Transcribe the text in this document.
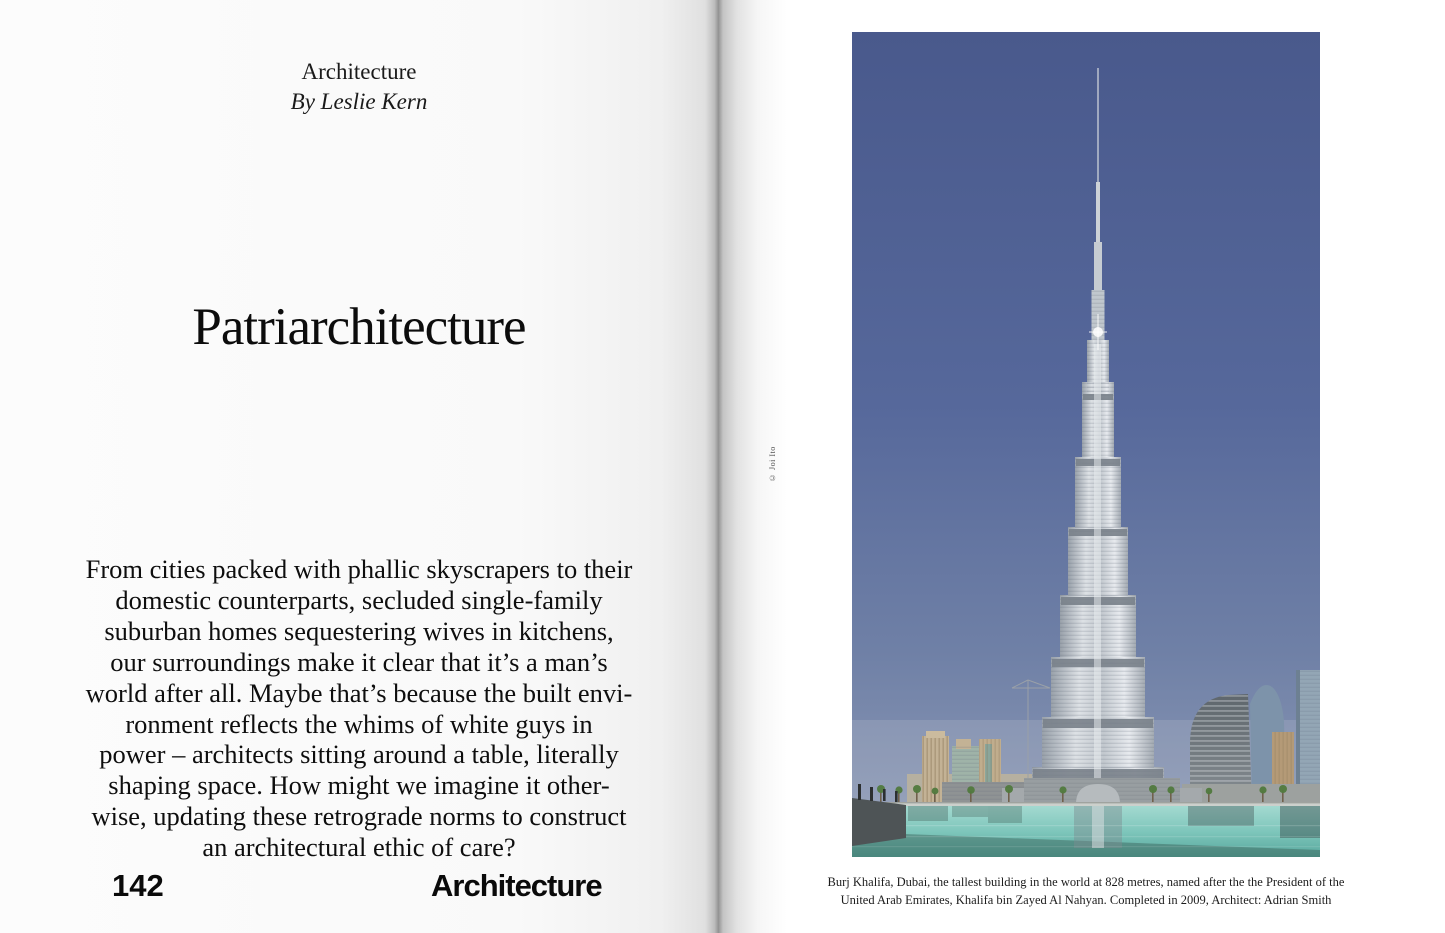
Architecture
By Leslie Kern
Patriarchitecture
From cities packed with phallic skyscrapers to their
domestic counterparts, secluded single-family
suburban homes sequestering wives in kitchens,
our surroundings make it clear that it’s a man’s
world after all. Maybe that’s because the built envi-
ronment reflects the whims of white guys in
power – architects sitting around a table, literally
shaping space. How might we imagine it other-
wise, updating these retrograde norms to construct
an architectural ethic of care?
142	Architecture
© Joi Ito
Burj Khalifa, Dubai, the tallest building in the world at 828 metres, named after the the President of the
United Arab Emirates, Khalifa bin Zayed Al Nahyan. Completed in 2009, Architect: Adrian Smith
